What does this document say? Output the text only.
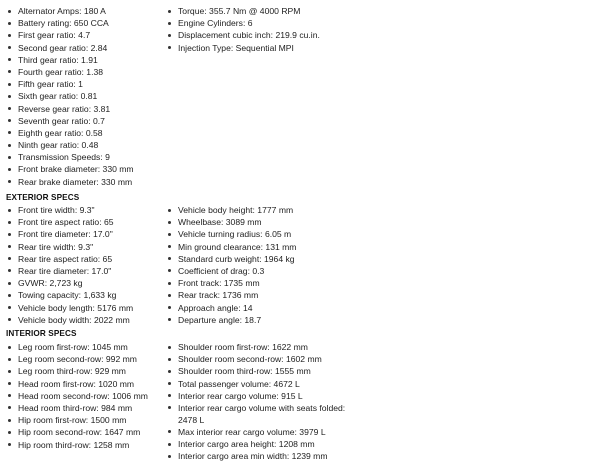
Alternator Amps: 180 A
Battery rating: 650 CCA
First gear ratio: 4.7
Second gear ratio: 2.84
Third gear ratio: 1.91
Fourth gear ratio: 1.38
Fifth gear ratio: 1
Sixth gear ratio: 0.81
Reverse gear ratio: 3.81
Seventh gear ratio: 0.7
Eighth gear ratio: 0.58
Ninth gear ratio: 0.48
Transmission Speeds: 9
Front brake diameter: 330 mm
Rear brake diameter: 330 mm
Torque: 355.7 Nm @ 4000 RPM
Engine Cylinders: 6
Displacement cubic inch: 219.9 cu.in.
Injection Type: Sequential MPI
EXTERIOR SPECS
Front tire width: 9.3"
Front tire aspect ratio: 65
Front tire diameter: 17.0"
Rear tire width: 9.3"
Rear tire aspect ratio: 65
Rear tire diameter: 17.0"
GVWR: 2,723 kg
Towing capacity: 1,633 kg
Vehicle body length: 5176 mm
Vehicle body width: 2022 mm
Vehicle body height: 1777 mm
Wheelbase: 3089 mm
Vehicle turning radius: 6.05 m
Min ground clearance: 131 mm
Standard curb weight: 1964 kg
Coefficient of drag: 0.3
Front track: 1735 mm
Rear track: 1736 mm
Approach angle: 14
Departure angle: 18.7
INTERIOR SPECS
Leg room first-row: 1045 mm
Leg room second-row: 992 mm
Leg room third-row: 929 mm
Head room first-row: 1020 mm
Head room second-row: 1006 mm
Head room third-row: 984 mm
Hip room first-row: 1500 mm
Hip room second-row: 1647 mm
Hip room third-row: 1258 mm
Shoulder room first-row: 1622 mm
Shoulder room second-row: 1602 mm
Shoulder room third-row: 1555 mm
Total passenger volume: 4672 L
Interior rear cargo volume: 915 L
Interior rear cargo volume with seats folded: 2478 L
Max interior rear cargo volume: 3979 L
Interior cargo area height: 1208 mm
Interior cargo area min width: 1239 mm
